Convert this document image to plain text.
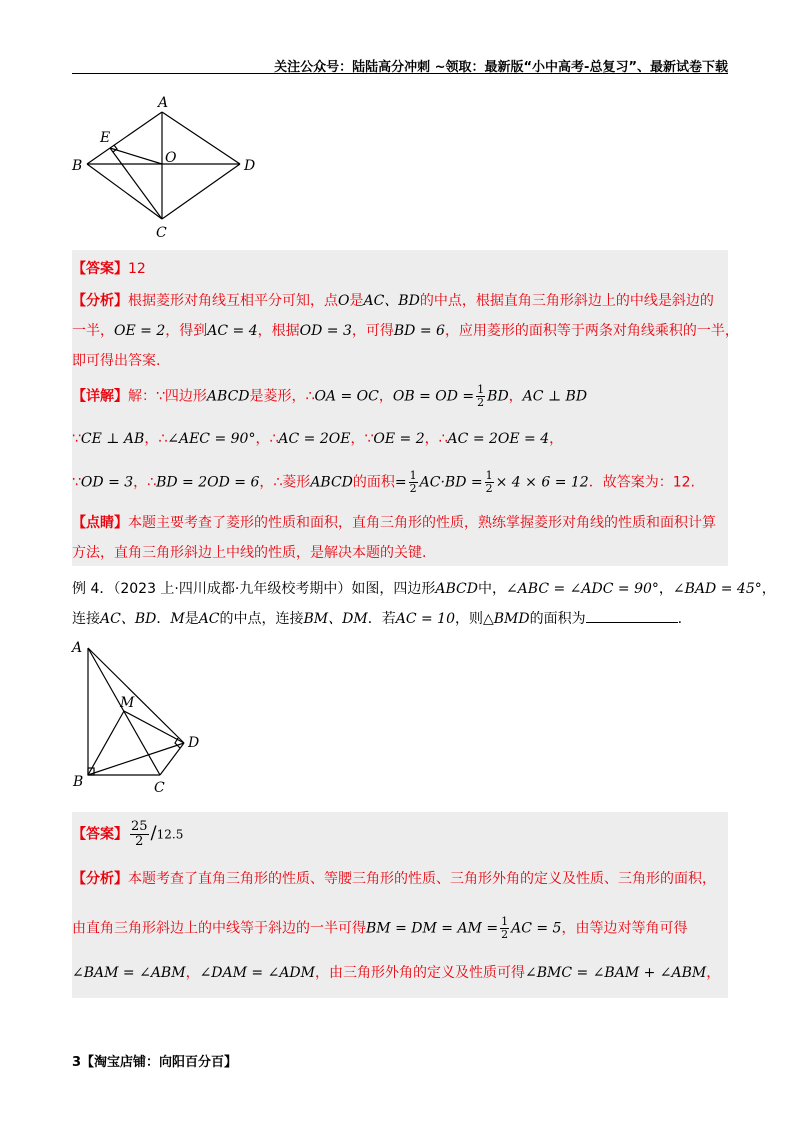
关注公众号：陆陆高分冲刺 ~领取：最新版“小中高考-总复习”、最新试卷下载
A
B
C
D
E
O
【答案】12
【分析】根据菱形对角线互相平分可知，点O是AC、BD的中点，根据直角三角形斜边上的中线是斜边的
一半，OE = 2，得到AC = 4，根据OD = 3，可得BD = 6，应用菱形的面积等于两条对角线乘积的一半，
即可得出答案.
【详解】解：∵四边形ABCD是菱形，∴OA = OC，OB = OD = $\frac{1}{2}$ BD，AC ⊥ BD
∵CE ⊥ AB，∴∠AEC = 90°，∴AC = 2OE，∵OE = 2，∴AC = 2OE = 4，
∵OD = 3，∴BD = 2OD = 6，∴菱形ABCD的面积= $\frac{1}{2} AC\cdot BD = \frac{1}{2} \times 4 \times 6 = 12$．故答案为：12.
【点睛】本题主要考查了菱形的性质和面积，直角三角形的性质，熟练掌握菱形对角线的性质和面积计算
方法，直角三角形斜边上中线的性质，是解决本题的关键.
例 4．（2023 上·四川成都·九年级校考期中）如图，四边形ABCD中，∠ABC = ∠ADC = 90°，∠BAD = 45°，
连接AC、BD．M是AC的中点，连接BM、DM．若AC = 10，则△BMD的面积为	.
A
B	C
D
M
【答案】 $\frac{25}{2} /12.5$
【分析】本题考查了直角三角形的性质、等腰三角形的性质、三角形外角的定义及性质、三角形的面积，
由直角三角形斜边上的中线等于斜边的一半可得BM = DM = AM = $\frac{1}{2}$ AC = 5，由等边对等角可得
∠BAM = ∠ABM，∠DAM = ∠ADM，由三角形外角的定义及性质可得∠BMC = ∠BAM + ∠ABM，
3【淘宝店铺：向阳百分百】
